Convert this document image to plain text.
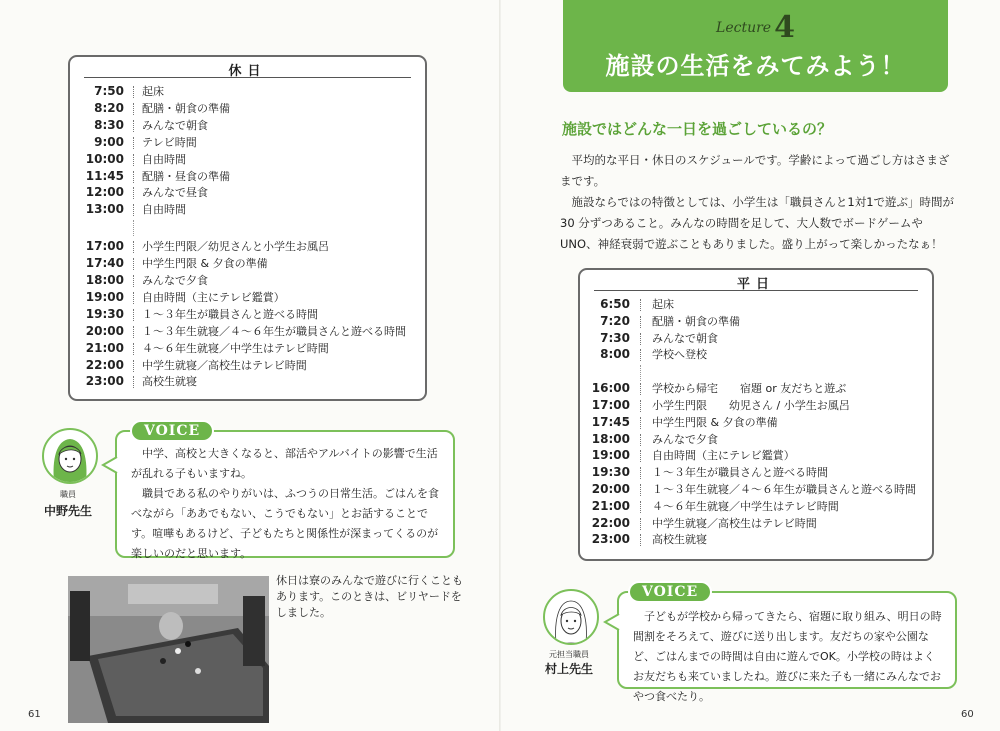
休日
7:50 起床
8:20 配膳・朝食の準備
8:30 みんなで朝食
9:00 テレビ時間
10:00 自由時間
11:45 配膳・昼食の準備
12:00 みんなで昼食
13:00 自由時間
17:00 小学生門限／幼児さんと小学生お風呂
17:40 中学生門限 & 夕食の準備
18:00 みんなで夕食
19:00 自由時間（主にテレビ鑑賞）
19:30 １～３年生が職員さんと遊べる時間
20:00 １～３年生就寝／４～６年生が職員さんと遊べる時間
21:00 ４～６年生就寝／中学生はテレビ時間
22:00 中学生就寝／高校生はテレビ時間
23:00 高校生就寝
Lecture 4
施設の生活をみてみよう！
施設ではどんな一日を過ごしているの？

平均的な平日・休日のスケジュールです。学齢によって過ごし方はさまざまです。

施設ならではの特徴としては、小学生は「職員さんと1対1で遊ぶ」時間が 30 分ずつあること。みんなの時間を足して、大人数でボードゲームや UNO、神経衰弱で遊ぶこともありました。盛り上がって楽しかったなぁ！

平日
6:50 起床
7:20 配膳・朝食の準備
7:30 みんなで朝食
8:00 学校へ登校
16:00 学校から帰宅　　宿題 or 友だちと遊ぶ
17:00 小学生門限　　幼児さん / 小学生お風呂
17:45 中学生門限 & 夕食の準備
18:00 みんなで夕食
19:00 自由時間（主にテレビ鑑賞）
19:30 １～３年生が職員さんと遊べる時間
20:00 １～３年生就寝／４～６年生が職員さんと遊べる時間
21:00 ４～６年生就寝／中学生はテレビ時間
22:00 中学生就寝／高校生はテレビ時間
23:00 高校生就寝
職員
中野先生

中学、高校と大きくなると、部活やアルバイトの影響で生活が乱れる子もいますね。

職員である私のやりがいは、ふつうの日常生活。ごはんを食べながら「ああでもない、こうでもない」とお話することです。喧嘩もあるけど、子どもたちと関係性が深まってくるのが楽しいのだと思います。

VOICE
休日は寮のみんなで遊びに行くこともあります。このときは、ビリヤードをしました。
元担当職員
村上先生

子どもが学校から帰ってきたら、宿題に取り組み、明日の時間割をそろえて、遊びに送り出します。友だちの家や公園など、ごはんまでの時間は自由に遊んでOK。小学校の時はよくお友だちも来ていましたね。遊びに来た子も一緒にみんなでおやつ食べたり。

VOICE
61	60
